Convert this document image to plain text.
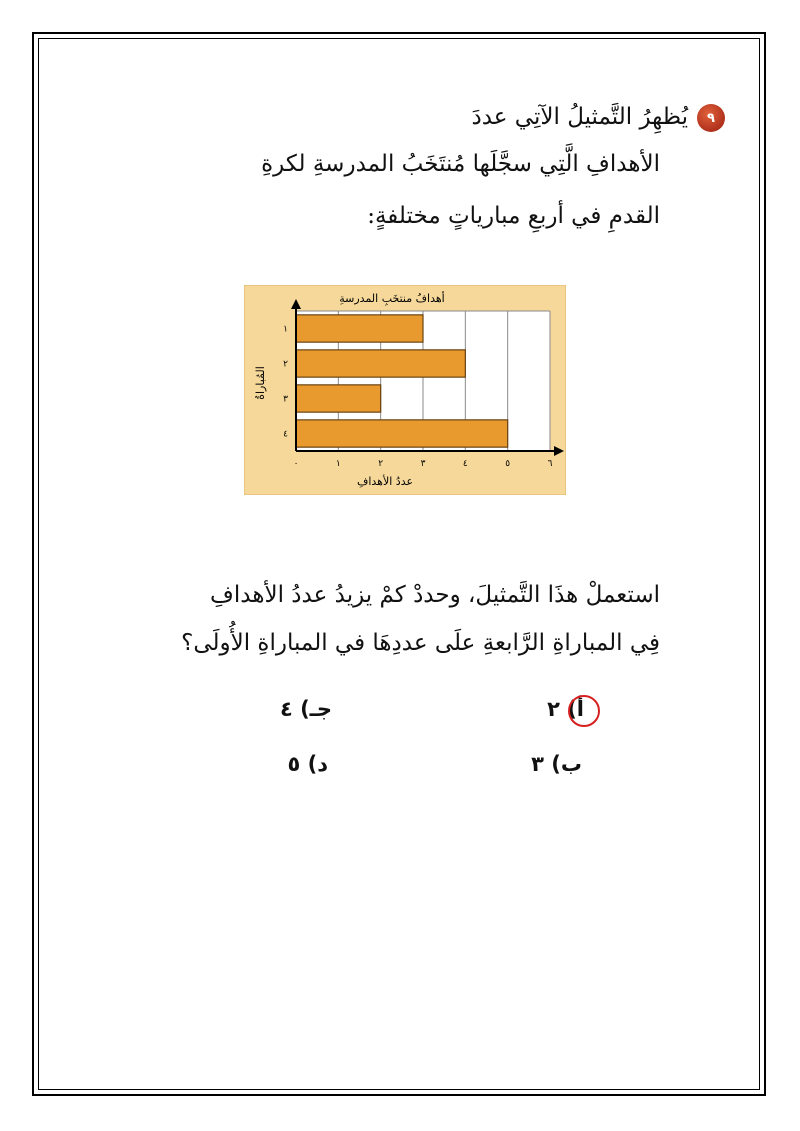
٩
يُظهِرُ التَّمثيلُ الآتِي عددَ
الأهدافِ الَّتِي سجَّلَها مُنتَخَبُ المدرسةِ لكرةِ
القدمِ في أربعِ مبارياتٍ مختلفةٍ:
أهدافُ منتخَبِ المدرسةِ
عددُ الأهدافِ
المُباراةُ
١
٢
٣
٤
٠	١	٢	٣	٤	٥	٦
استعملْ هذَا التَّمثيلَ، وحددْ كمْ يزيدُ عددُ الأهدافِ
فِي المباراةِ الرَّابعةِ علَى عددِهَا في المباراةِ الأُولَى؟
أ) ٢
جـ) ٤
ب) ٣
د) ٥
